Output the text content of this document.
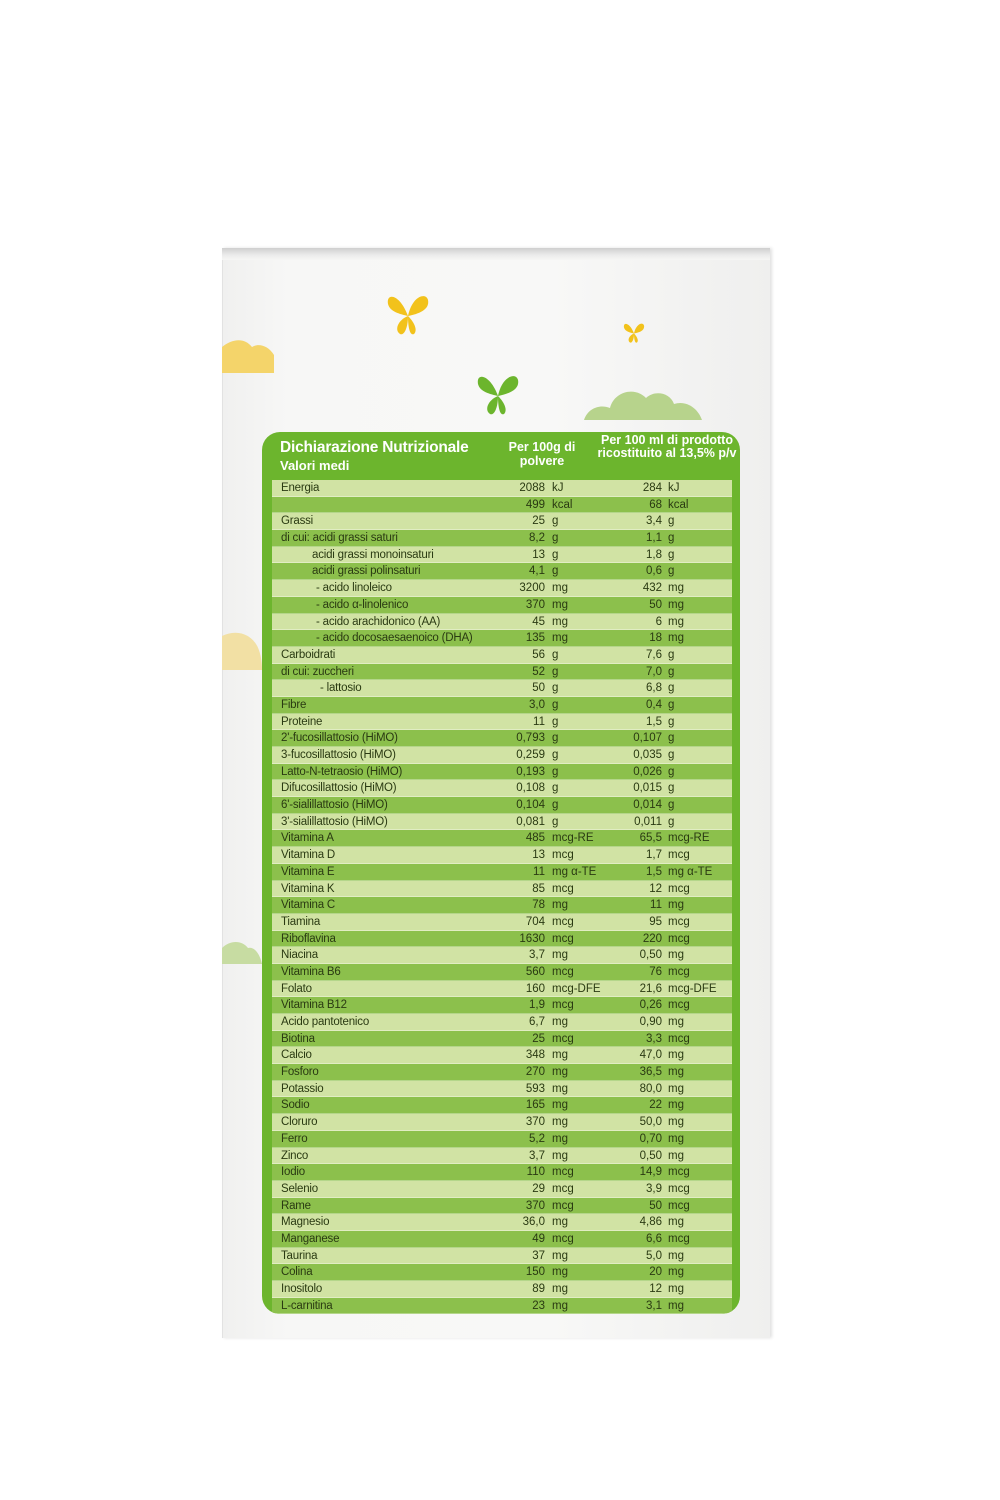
Dichiarazione Nutrizionale
Valori medi
Per 100g di polvere
Per 100 ml di prodotto ricostituito al 13,5% p/v
Energia	2088 kJ	284 kJ
499 kcal	68 kcal
Grassi	25 g	3,4 g
di cui: acidi grassi saturi	8,2 g	1,1 g
acidi grassi monoinsaturi	13 g	1,8 g
acidi grassi polinsaturi	4,1 g	0,6 g
- acido linoleico	3200 mg	432 mg
- acido α-linolenico	370 mg	50 mg
- acido arachidonico (AA)	45 mg	6 mg
- acido docosaesaenoico (DHA)	135 mg	18 mg
Carboidrati	56 g	7,6 g
di cui: zuccheri	52 g	7,0 g
- lattosio	50 g	6,8 g
Fibre	3,0 g	0,4 g
Proteine	11 g	1,5 g
2'-fucosillattosio (HiMO)	0,793 g	0,107 g
3-fucosillattosio (HiMO)	0,259 g	0,035 g
Latto-N-tetraosio (HiMO)	0,193 g	0,026 g
Difucosillattosio (HiMO)	0,108 g	0,015 g
6'-sialillattosio (HiMO)	0,104 g	0,014 g
3'-sialillattosio (HiMO)	0,081 g	0,011 g
Vitamina A	485 mcg-RE	65,5 mcg-RE
Vitamina D	13 mcg	1,7 mcg
Vitamina E	11 mg α-TE	1,5 mg α-TE
Vitamina K	85 mcg	12 mcg
Vitamina C	78 mg	11 mg
Tiamina	704 mcg	95 mcg
Riboflavina	1630 mcg	220 mcg
Niacina	3,7 mg	0,50 mg
Vitamina B6	560 mcg	76 mcg
Folato	160 mcg-DFE	21,6 mcg-DFE
Vitamina B12	1,9 mcg	0,26 mcg
Acido pantotenico	6,7 mg	0,90 mg
Biotina	25 mcg	3,3 mcg
Calcio	348 mg	47,0 mg
Fosforo	270 mg	36,5 mg
Potassio	593 mg	80,0 mg
Sodio	165 mg	22 mg
Cloruro	370 mg	50,0 mg
Ferro	5,2 mg	0,70 mg
Zinco	3,7 mg	0,50 mg
Iodio	110 mcg	14,9 mcg
Selenio	29 mcg	3,9 mcg
Rame	370 mcg	50 mcg
Magnesio	36,0 mg	4,86 mg
Manganese	49 mcg	6,6 mcg
Taurina	37 mg	5,0 mg
Colina	150 mg	20 mg
Inositolo	89 mg	12 mg
L-carnitina	23 mg	3,1 mg
